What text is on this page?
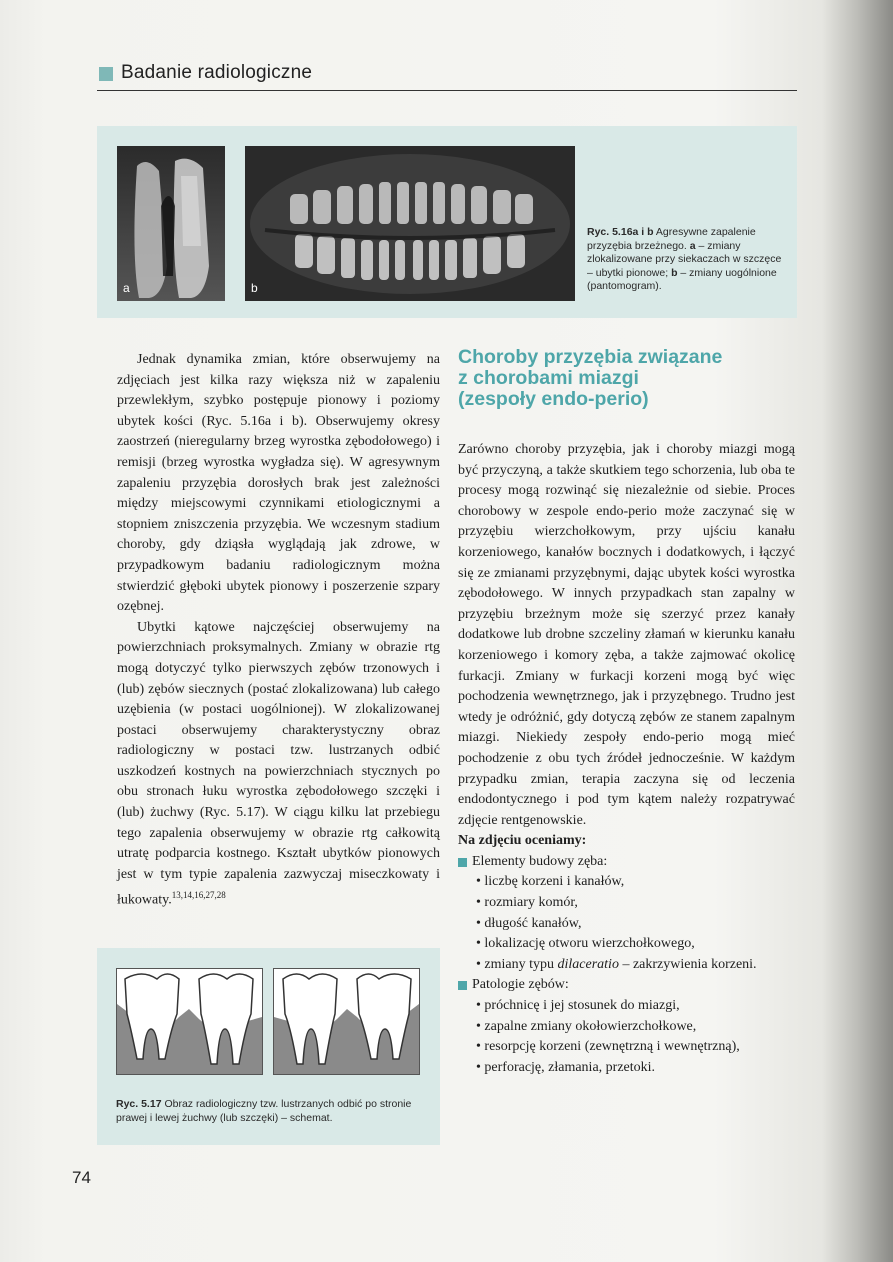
Badanie radiologiczne
a	b
Ryc. 5.16a i b Agresywne zapalenie przyzębia brzeżnego. a – zmiany zlokalizowane przy siekaczach w szczęce – ubytki pionowe; b – zmiany uogólnione (pantomogram).

Jednak dynamika zmian, które obserwujemy na zdjęciach jest kilka razy większa niż w zapaleniu przewlekłym, szybko postępuje pionowy i poziomy ubytek kości (Ryc. 5.16a i b). Obserwujemy okresy zaostrzeń (nieregularny brzeg wyrostka zębodołowego) i remisji (brzeg wyrostka wygładza się). W agresywnym zapaleniu przyzębia dorosłych brak jest zależności między miejscowymi czynnikami etiologicznymi a stopniem zniszczenia przyzębia. We wczesnym stadium choroby, gdy dziąsła wyglądają jak zdrowe, w przypadkowym badaniu radiologicznym można stwierdzić głęboki ubytek pionowy i poszerzenie szpary ozębnej.

Ubytki kątowe najczęściej obserwujemy na powierzchniach proksymalnych. Zmiany w obrazie rtg mogą dotyczyć tylko pierwszych zębów trzonowych i (lub) zębów siecznych (postać zlokalizowana) lub całego uzębienia (w postaci uogólnionej). W zlokalizowanej postaci obserwujemy charakterystyczny obraz radiologiczny w postaci tzw. lustrzanych odbić uszkodzeń kostnych na powierzchniach stycznych po obu stronach łuku wyrostka zębodołowego szczęki i (lub) żuchwy (Ryc. 5.17). W ciągu kilku lat przebiegu tego zapalenia obserwujemy w obrazie rtg całkowitą utratę podparcia kostnego. Kształt ubytków pionowych jest w tym typie zapalenia zazwyczaj miseczkowaty i łukowaty.$^{13,14,16,27,28}$

Choroby przyzębia związane
z chorobami miazgi
(zespoły endo-perio)

Zarówno choroby przyzębia, jak i choroby miazgi mogą być przyczyną, a także skutkiem tego schorzenia, lub oba te procesy mogą rozwinąć się niezależnie od siebie. Proces chorobowy w zespole endo-perio może zaczynać się w przyzębiu wierzchołkowym, przy ujściu kanału korzeniowego, kanałów bocznych i dodatkowych, i łączyć się ze zmianami przyzębnymi, dając ubytek kości wyrostka zębodołowego. W innych przypadkach stan zapalny w przyzębiu brzeżnym może się szerzyć przez kanały dodatkowe lub drobne szczeliny złamań w kierunku kanału korzeniowego i komory zęba, a także zajmować okolicę furkacji. Zmiany w furkacji korzeni mogą być więc pochodzenia wewnętrznego, jak i przyzębnego. Trudno jest wtedy je odróżnić, gdy dotyczą zębów ze stanem zapalnym miazgi. Niekiedy zespoły endo-perio mogą mieć pochodzenie z obu tych źródeł jednocześnie. W każdym przypadku zmian, terapia zaczyna się od leczenia endodontycznego i pod tym kątem należy rozpatrywać zdjęcie rentgenowskie.

Na zdjęciu oceniamy:
Elementy budowy zęba:
• liczbę korzeni i kanałów,
• rozmiary komór,
• długość kanałów,
• lokalizację otworu wierzchołkowego,
• zmiany typu dilaceratio – zakrzywienia korzeni.
Patologie zębów:
• próchnicę i jej stosunek do miazgi,
• zapalne zmiany okołowierzchołkowe,
• resorpcję korzeni (zewnętrzną i wewnętrzną),
• perforację, złamania, przetoki.
Ryc. 5.17 Obraz radiologiczny tzw. lustrzanych odbić po stronie prawej i lewej żuchwy (lub szczęki) – schemat.
74
